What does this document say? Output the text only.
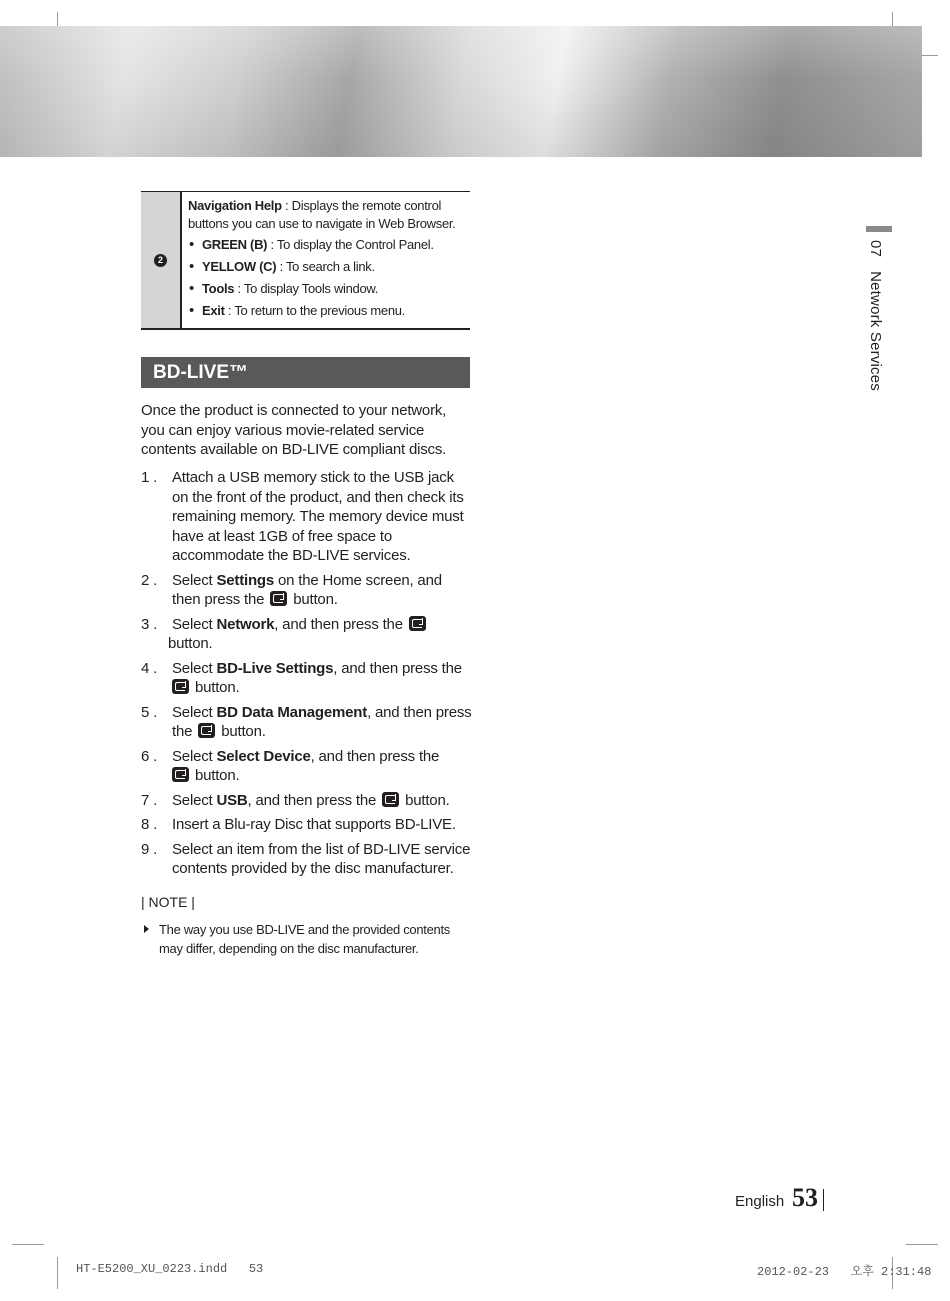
2
Navigation Help : Displays the remote control buttons you can use to navigate in Web Browser.
• GREEN (B) : To display the Control Panel.
• YELLOW (C) : To search a link.
• Tools : To display Tools window.
• Exit : To return to the previous menu.
BD-LIVE™
Once the product is connected to your network, you can enjoy various movie-related service contents available on BD-LIVE compliant discs.
1 . Attach a USB memory stick to the USB jack on the front of the product, and then check its remaining memory. The memory device must have at least 1GB of free space to accommodate the BD-LIVE services.
2 . Select Settings on the Home screen, and then press the  button.
3 . Select Network, and then press the
button.
4 . Select BD-Live Settings, and then press the
button.
5 . Select BD Data Management, and then press the  button.
6 . Select Select Device, and then press the
button.
7 . Select USB, and then press the  button.
8 . Insert a Blu-ray Disc that supports BD-LIVE.
9 . Select an item from the list of BD-LIVE service contents provided by the disc manufacturer.
| NOTE |
The way you use BD-LIVE and the provided contents may differ, depending on the disc manufacturer.
07Network Services
English 53
HT-E5200_XU_0223.indd   53	2012-02-23   오후 2:31:48
